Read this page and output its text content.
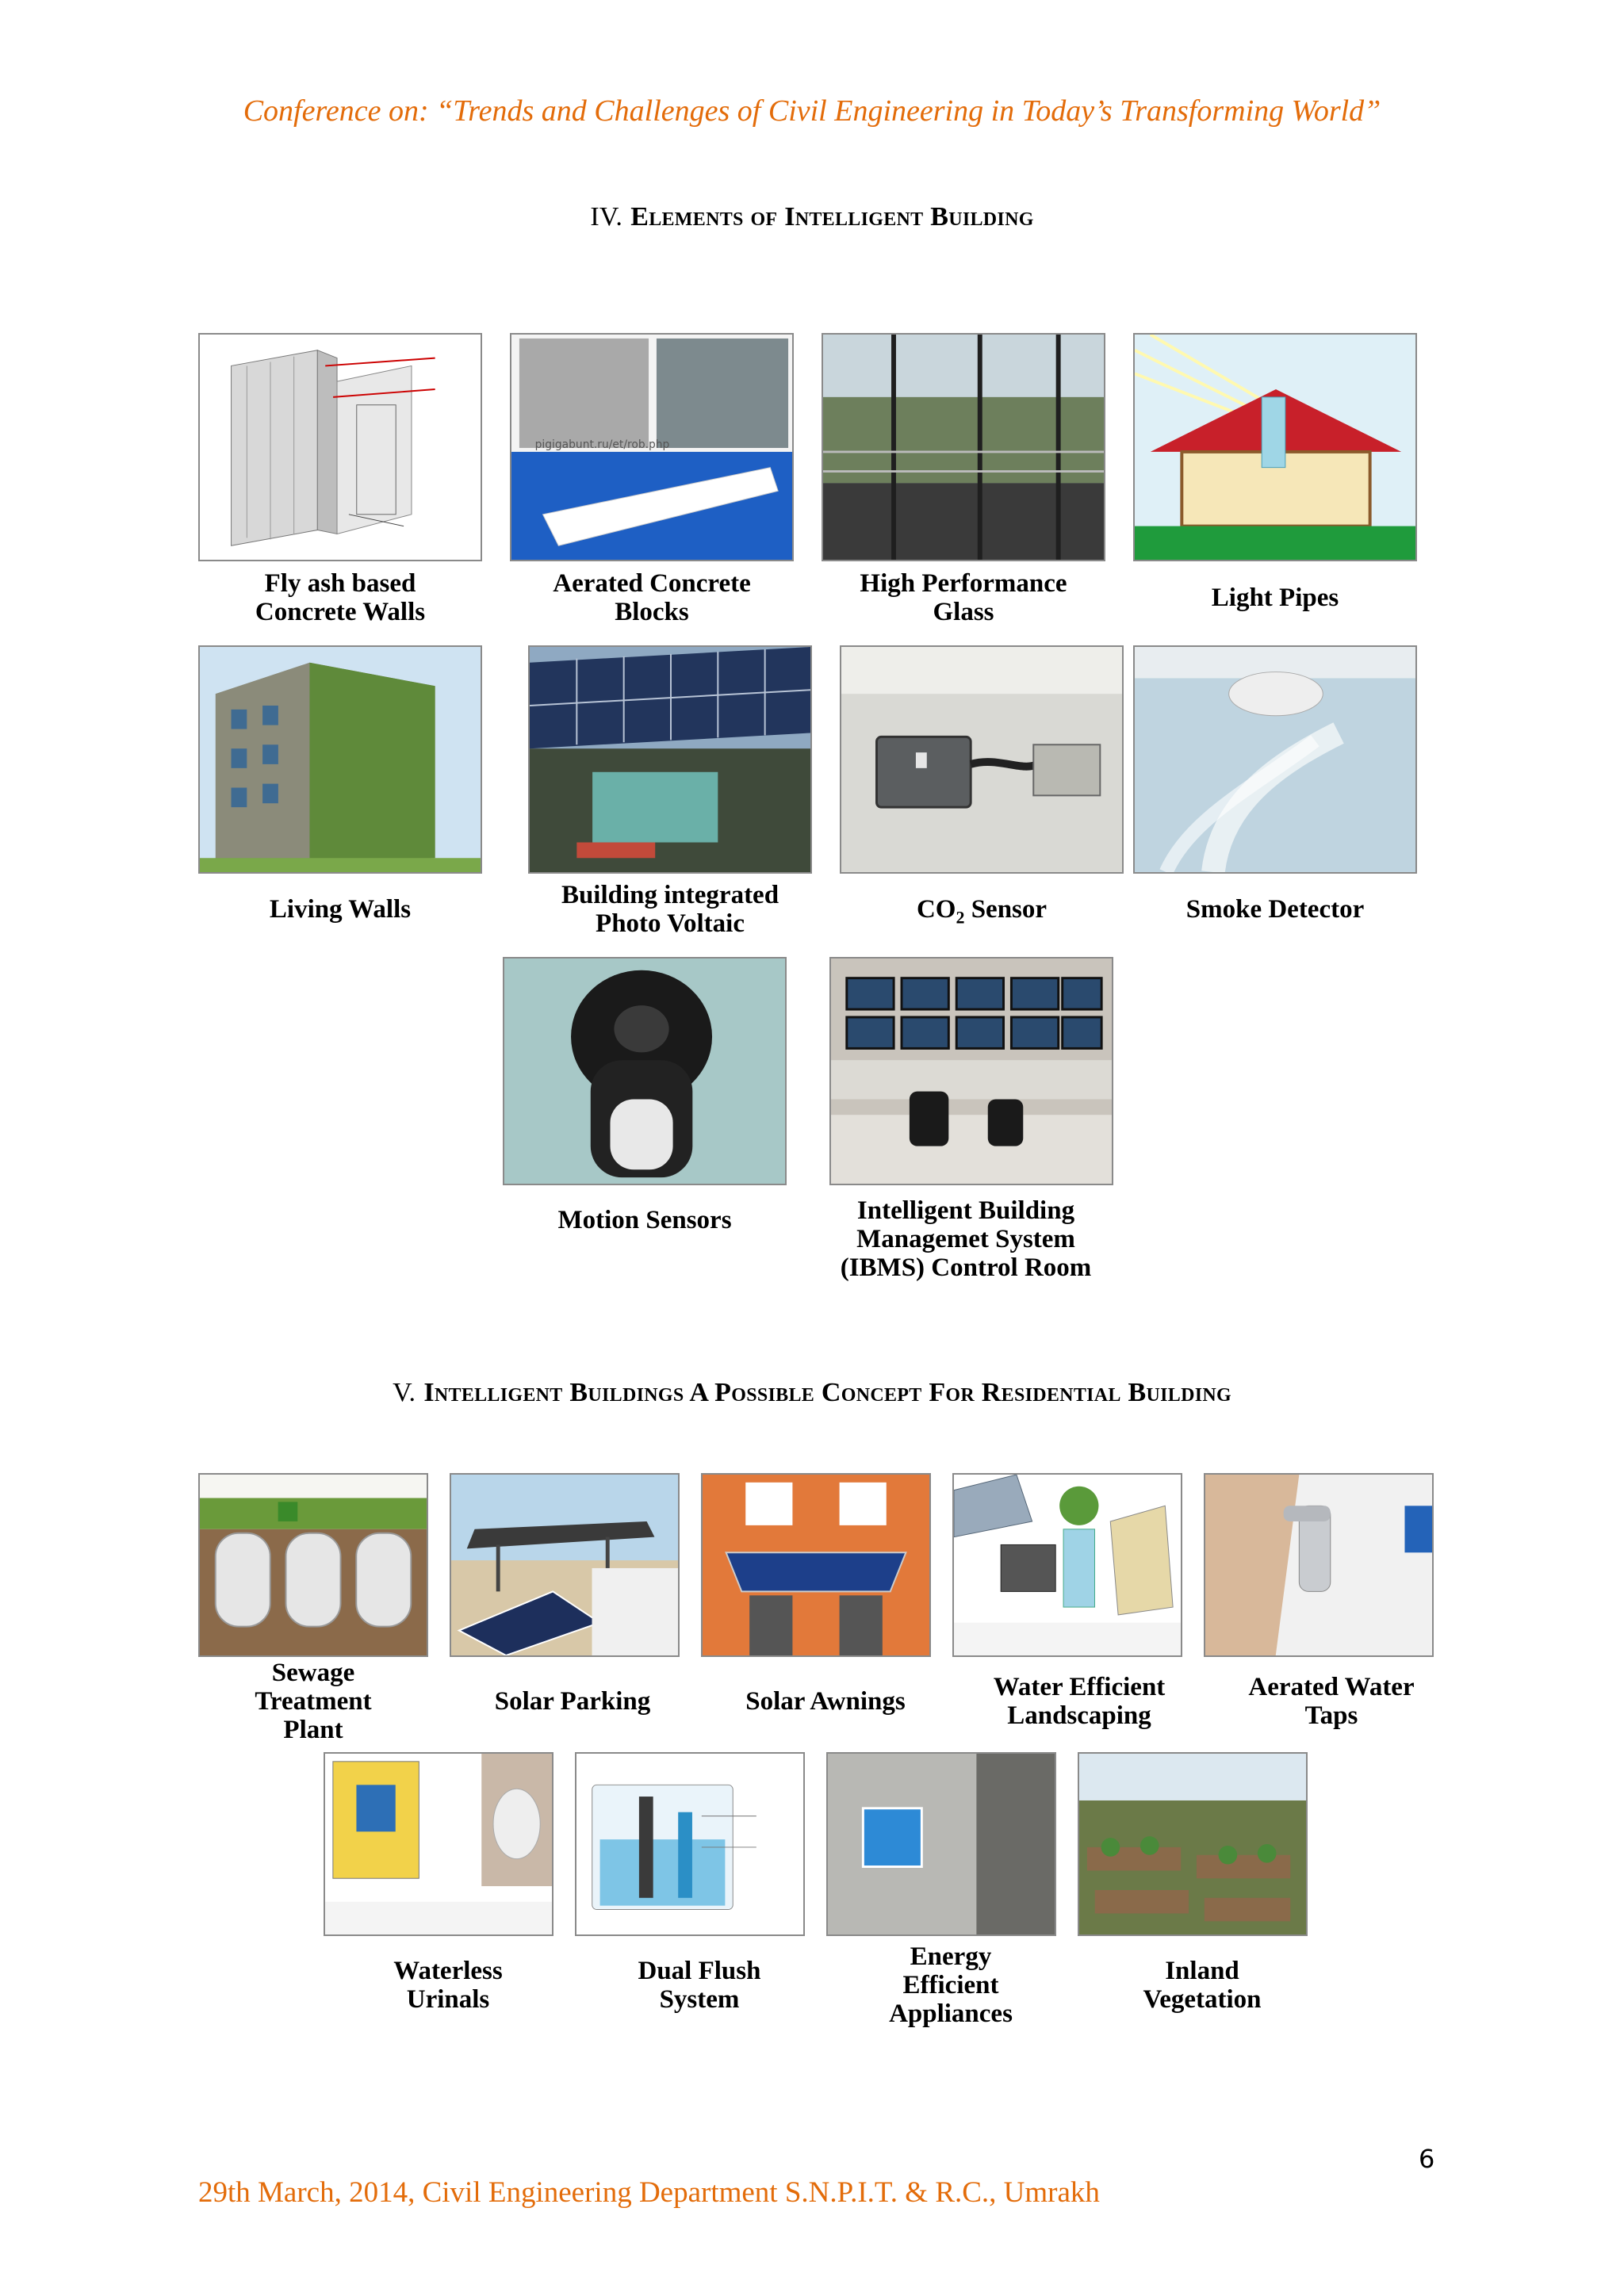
Conference on: “Trends and Challenges of Civil Engineering in Today’s Transforming World”
IV. Elements of Intelligent Building
pigigabunt.ru/et/rob.php
Fly ash based
Concrete Walls
Aerated Concrete
Blocks
High Performance
Glass	Light Pipes
Living Walls	Building integrated
Photo Voltaic	$CO_2$ Sensor	Smoke Detector
Motion Sensors	Intelligent Building
Managemet System
(IBMS) Control Room
V. Intelligent Buildings A Possible Concept For Residential Building
Sewage
Treatment
Plant
Solar Parking	Solar Awnings	Water Efficient
Landscaping
Aerated Water
Taps
Waterless
Urinals
Dual Flush
System
Energy
Efficient
Appliances
Inland
Vegetation
6
29th March, 2014, Civil Engineering Department S.N.P.I.T. & R.C., Umrakh
